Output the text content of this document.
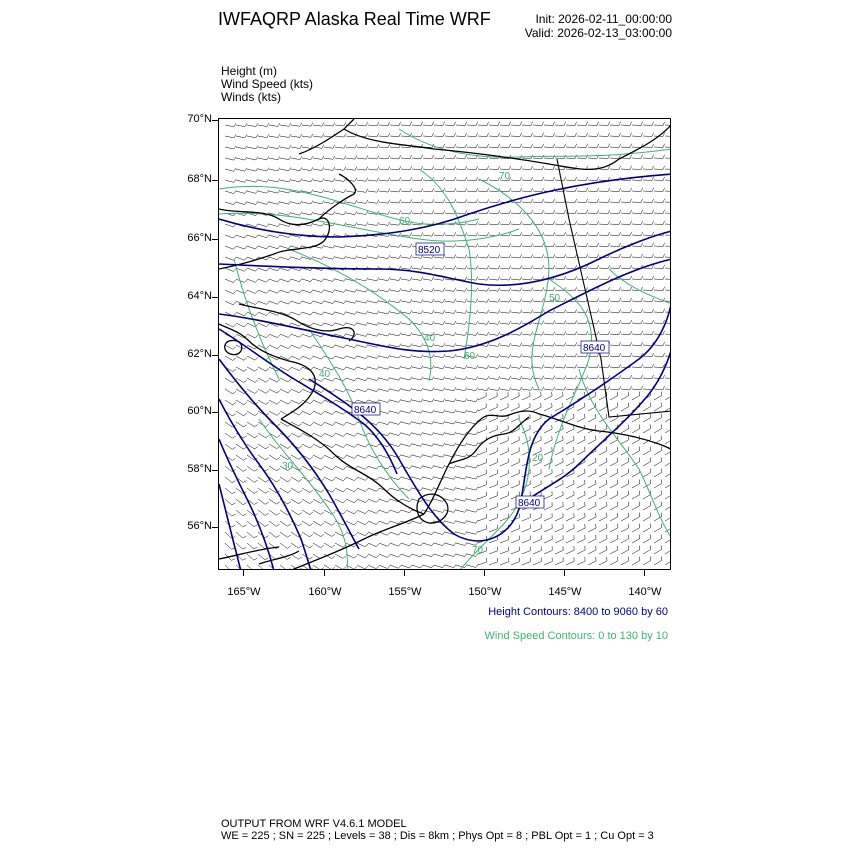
IWFAQRP Alaska Real Time WRF	Init: 2026-02-11_00:00:00
Valid: 2026-02-13_03:00:00
Height (m)
Wind Speed (kts)
Winds (kts)
70°N
68°N
66°N
64°N
62°N
60°N
58°N
56°N
165°W	160°W	155°W	150°W	145°W	140°W
8520
8640
8640
8640
70
60
50
40
60
40
20
30
70
Height Contours: 8400 to 9060 by 60
Wind Speed Contours: 0 to 130 by 10
OUTPUT FROM WRF V4.6.1 MODEL
WE = 225 ; SN = 225 ; Levels = 38 ; Dis = 8km ; Phys Opt = 8 ; PBL Opt = 1 ; Cu Opt = 3
